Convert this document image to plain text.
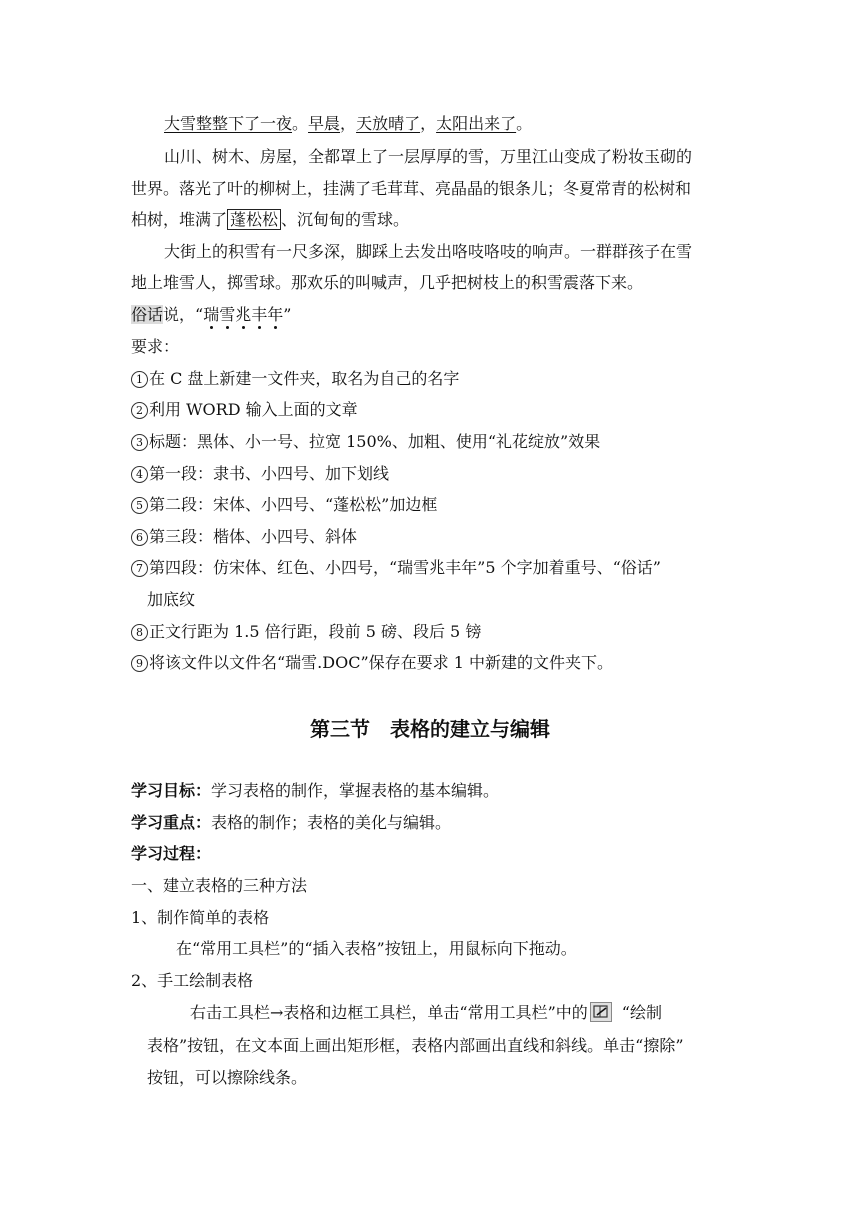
大雪整整下了一夜。早晨，天放晴了，太阳出来了。
山川、树木、房屋，全都罩上了一层厚厚的雪，万里江山变成了粉妆玉砌的
世界。落光了叶的柳树上，挂满了毛茸茸、亮晶晶的银条儿；冬夏常青的松树和
柏树，堆满了 蓬松松 、沉甸甸的雪球。
大街上的积雪有一尺多深，脚踩上去发出咯吱咯吱的响声。一群群孩子在雪
地上堆雪人，掷雪球。那欢乐的叫喊声，几乎把树枝上的积雪震落下来。
俗话说，“瑞雪兆丰年”
要求：
1 在 C 盘上新建一文件夹，取名为自己的名字
2 利用 WORD 输入上面的文章
3 标题：黑体、小一号、拉宽 150%、加粗、使用“礼花绽放”效果
4 第一段：隶书、小四号、加下划线
5 第二段：宋体、小四号、“蓬松松”加边框
6 第三段：楷体、小四号、斜体
7 第四段：仿宋体、红色、小四号，“瑞雪兆丰年”5 个字加着重号、“俗话”
加底纹
8 正文行距为 1.5 倍行距，段前 5 磅、段后 5 镑
9 将该文件以文件名“瑞雪.DOC”保存在要求 1 中新建的文件夹下。
第三节　表格的建立与编辑
学习目标：学习表格的制作，掌握表格的基本编辑。
学习重点：表格的制作；表格的美化与编辑。
学习过程：
一、建立表格的三种方法
1、制作简单的表格
在“常用工具栏”的“插入表格”按钮上，用鼠标向下拖动。
2、手工绘制表格
右击工具栏→表格和边框工具栏，单击“常用工具栏”中的 “绘制
表格”按钮，在文本面上画出矩形框，表格内部画出直线和斜线。单击“擦除”
按钮，可以擦除线条。
